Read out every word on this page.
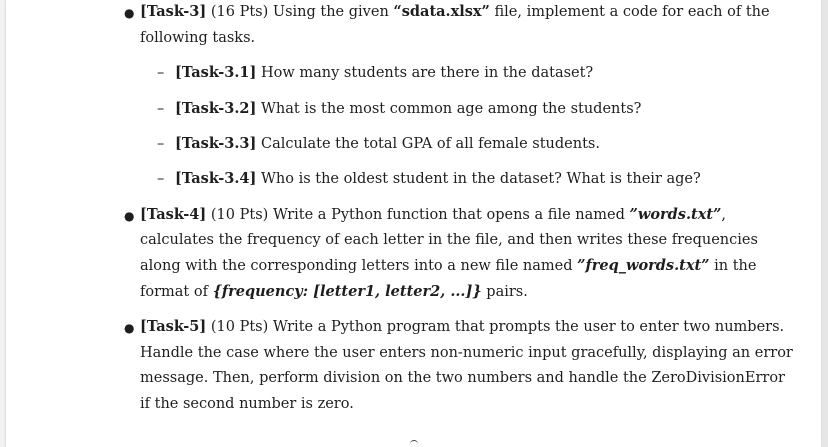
● [Task-3] (16 Pts) Using the given “sdata.xlsx” file, implement a code for each of the
following tasks.
– [Task-3.1] How many students are there in the dataset?
– [Task-3.2] What is the most common age among the students?
– [Task-3.3] Calculate the total GPA of all female students.
– [Task-3.4] Who is the oldest student in the dataset? What is their age?
● [Task-4] (10 Pts) Write a Python function that opens a file named ”words.txt”,
calculates the frequency of each letter in the file, and then writes these frequencies
along with the corresponding letters into a new file named ”freq_words.txt” in the
format of {frequency: [letter1, letter2, ...]} pairs.
● [Task-5] (10 Pts) Write a Python program that prompts the user to enter two numbers.
Handle the case where the user enters non-numeric input gracefully, displaying an error
message. Then, perform division on the two numbers and handle the ZeroDivisionError
if the second number is zero.
